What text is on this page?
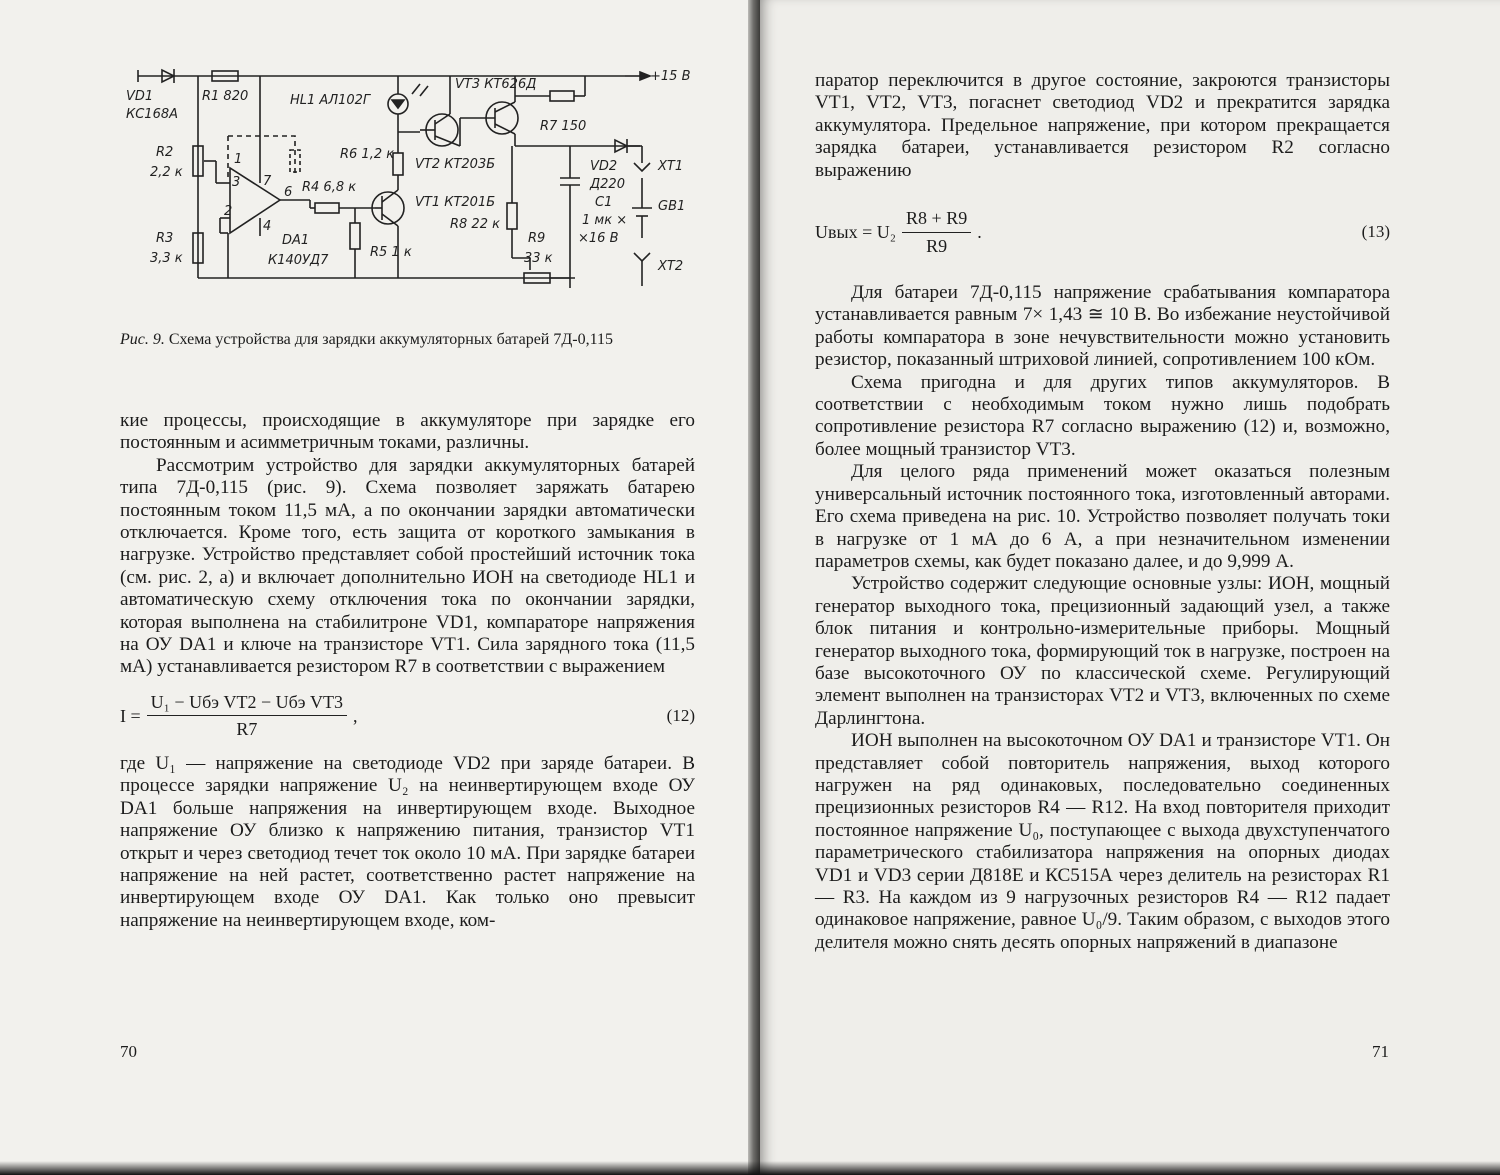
VD1
КС168А
R1 820	HL1 АЛ102Г
VT3 КТ626Д
+15 В
R2
2,2 к
R6 1,2 к
VT2 КТ203Б
R7 150
VD2
Д220
XT1
C1
1 мк ×
×16 В
GB1
R4 6,8 к
VT1 КТ201Б
R8 22 к
DA1
К140УД7
R3
3,3 к	R5 1 к
R9
33 к
XT2
7
3
2
6
4
1
Рис. 9. Схема устройства для зарядки аккумуляторных батарей 7Д-0,115

кие процессы, происходящие в аккумуляторе при зарядке его постоянным и асимметричным токами, различны.

Рассмотрим устройство для зарядки аккумуляторных батарей типа 7Д-0,115 (рис. 9). Схема позволяет заряжать батарею постоянным током 11,5 мА, а по окончании зарядки автоматически отключается. Кроме того, есть защита от короткого замыкания в нагрузке. Устройство представляет собой простейший источник тока (см. рис. 2, а) и включает дополнительно ИОН на светодиоде HL1 и автоматическую схему отключения тока по окончании зарядки, которая выполнена на стабилитроне VD1, компараторе напряжения на ОУ DA1 и ключе на транзисторе VT1. Сила зарядного тока (11,5 мА) устанавливается резистором R7 в соответствии с выражением

$I = \frac{\text{U₁ − Uбэ VT2 − Uбэ VT3}}{R7}$ ,	(12)

где U₁ — напряжение на светодиоде VD2 при заряде батареи. В процессе зарядки напряжение U₂ на неинвертирующем входе ОУ DA1 больше напряжения на инвертирующем входе. Выходное напряжение ОУ близко к напряжению питания, транзистор VT1 открыт и через светодиод течет ток около 10 мА. При зарядке батареи напряжение на ней растет, соответственно растет напряжение на инвертирующем входе ОУ DA1. Как только оно превысит напряжение на неинвертирующем входе, ком-

70

паратор переключится в другое состояние, закроются транзисторы VT1, VT2, VT3, погаснет светодиод VD2 и прекратится зарядка аккумулятора. Предельное напряжение, при котором прекращается зарядка батареи, устанавливается резистором R2 согласно выражению

Uвых = $U_2 \frac{R8 + R9}{R9}$ .	(13)

Для батареи 7Д-0,115 напряжение срабатывания компаратора устанавливается равным 7× 1,43 ≅ 10 В. Во избежание неустойчивой работы компаратора в зоне нечувствительности можно установить резистор, показанный штриховой линией, сопротивлением 100 кОм.

Схема пригодна и для других типов аккумуляторов. В соответствии с необходимым током нужно лишь подобрать сопротивление резистора R7 согласно выражению (12) и, возможно, более мощный транзистор VT3.

Для целого ряда применений может оказаться полезным универсальный источник постоянного тока, изготовленный авторами. Его схема приведена на рис. 10. Устройство позволяет получать токи в нагрузке от 1 мА до 6 А, а при незначительном изменении параметров схемы, как будет показано далее, и до 9,999 А.

Устройство содержит следующие основные узлы: ИОН, мощный генератор выходного тока, прецизионный задающий узел, а также блок питания и контрольно-измерительные приборы. Мощный генератор выходного тока, формирующий ток в нагрузке, построен на базе высокоточного ОУ по классической схеме. Регулирующий элемент выполнен на транзисторах VT2 и VT3, включенных по схеме Дарлингтона.

ИОН выполнен на высокоточном ОУ DA1 и транзисторе VT1. Он представляет собой повторитель напряжения, выход которого нагружен на ряд одинаковых, последовательно соединенных прецизионных резисторов R4 — R12. На вход повторителя приходит постоянное напряжение U₀, поступающее с выхода двухступенчатого параметрического стабилизатора напряжения на опорных диодах VD1 и VD3 серии Д818Е и КС515А через делитель на резисторах R1 — R3. На каждом из 9 нагрузочных резисторов R4 — R12 падает одинаковое напряжение, равное U₀/9. Таким образом, с выходов этого делителя можно снять десять опорных напряжений в диапазоне

71
